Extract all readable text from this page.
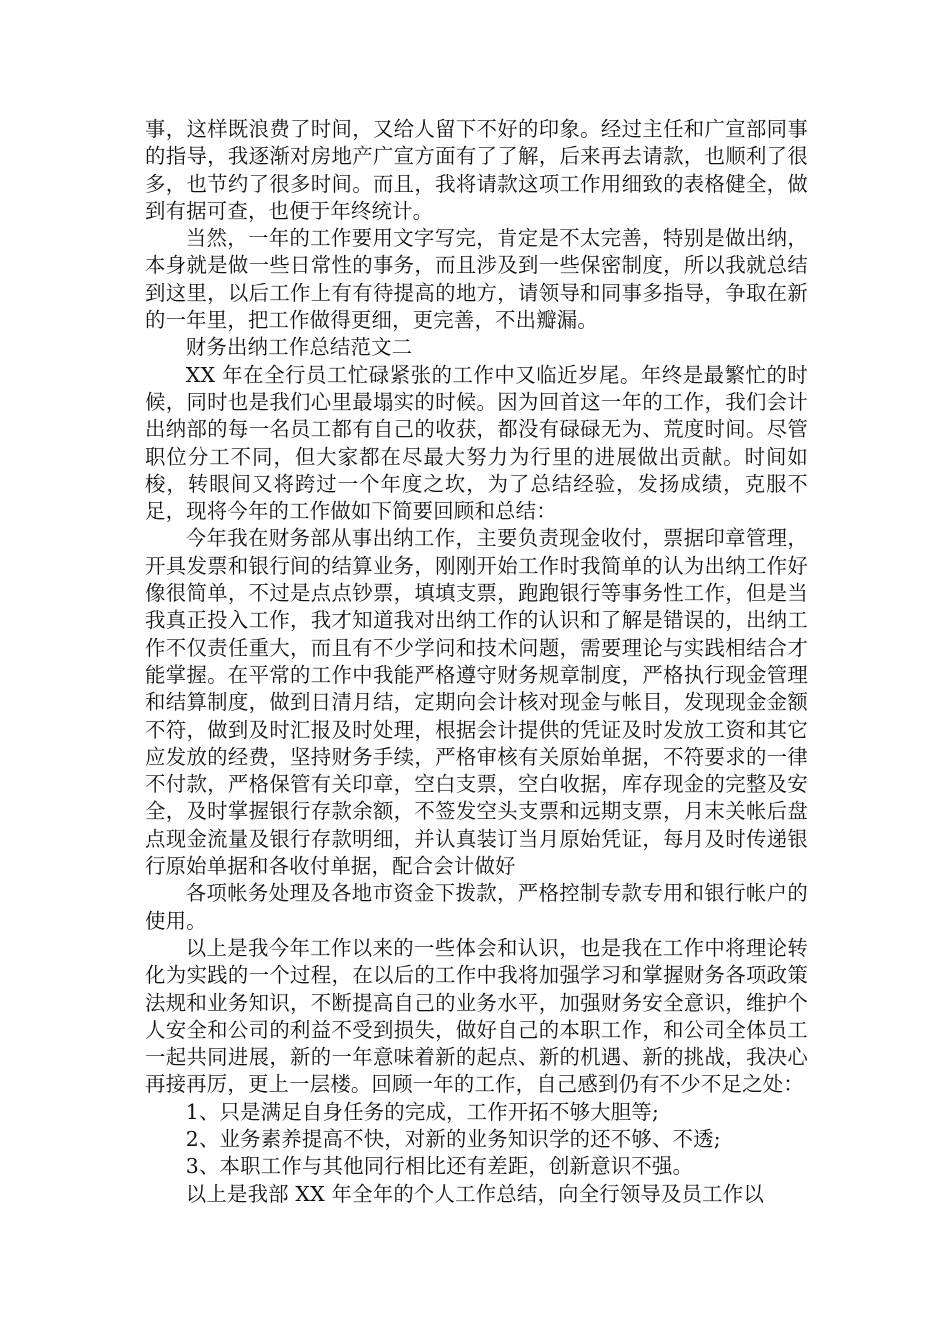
事，这样既浪费了时间，又给人留下不好的印象。经过主任和广宣部同事的指导，我逐渐对房地产广宣方面有了了解，后来再去请款，也顺利了很多，也节约了很多时间。而且，我将请款这项工作用细致的表格健全，做到有据可查，也便于年终统计。

当然，一年的工作要用文字写完，肯定是不太完善，特别是做出纳，本身就是做一些日常性的事务，而且涉及到一些保密制度，所以我就总结到这里，以后工作上有有待提高的地方，请领导和同事多指导，争取在新的一年里，把工作做得更细，更完善，不出瓣漏。

财务出纳工作总结范文二

XX 年在全行员工忙碌紧张的工作中又临近岁尾。年终是最繁忙的时候，同时也是我们心里最塌实的时候。因为回首这一年的工作，我们会计出纳部的每一名员工都有自己的收获，都没有碌碌无为、荒度时间。尽管职位分工不同，但大家都在尽最大努力为行里的进展做出贡献。时间如梭，转眼间又将跨过一个年度之坎，为了总结经验，发扬成绩，克服不足，现将今年的工作做如下简要回顾和总结：

今年我在财务部从事出纳工作，主要负责现金收付，票据印章管理，开具发票和银行间的结算业务，刚刚开始工作时我简单的认为出纳工作好像很简单，不过是点点钞票，填填支票，跑跑银行等事务性工作，但是当我真正投入工作，我才知道我对出纳工作的认识和了解是错误的，出纳工作不仅责任重大，而且有不少学问和技术问题，需要理论与实践相结合才能掌握。在平常的工作中我能严格遵守财务规章制度，严格执行现金管理和结算制度，做到日清月结，定期向会计核对现金与帐目，发现现金金额不符，做到及时汇报及时处理，根据会计提供的凭证及时发放工资和其它应发放的经费，坚持财务手续，严格审核有关原始单据，不符要求的一律不付款，严格保管有关印章，空白支票，空白收据，库存现金的完整及安全，及时掌握银行存款余额，不签发空头支票和远期支票，月末关帐后盘点现金流量及银行存款明细，并认真装订当月原始凭证，每月及时传递银行原始单据和各收付单据，配合会计做好

各项帐务处理及各地市资金下拨款，严格控制专款专用和银行帐户的使用。

以上是我今年工作以来的一些体会和认识，也是我在工作中将理论转化为实践的一个过程，在以后的工作中我将加强学习和掌握财务各项政策法规和业务知识，不断提高自己的业务水平，加强财务安全意识，维护个人安全和公司的利益不受到损失，做好自己的本职工作，和公司全体员工一起共同进展，新的一年意味着新的起点、新的机遇、新的挑战，我决心再接再厉，更上一层楼。回顾一年的工作，自己感到仍有不少不足之处：

1、只是满足自身任务的完成，工作开拓不够大胆等;

2、业务素养提高不快，对新的业务知识学的还不够、不透;

3、本职工作与其他同行相比还有差距，创新意识不强。

以上是我部 XX 年全年的个人工作总结，向全行领导及员工作以
